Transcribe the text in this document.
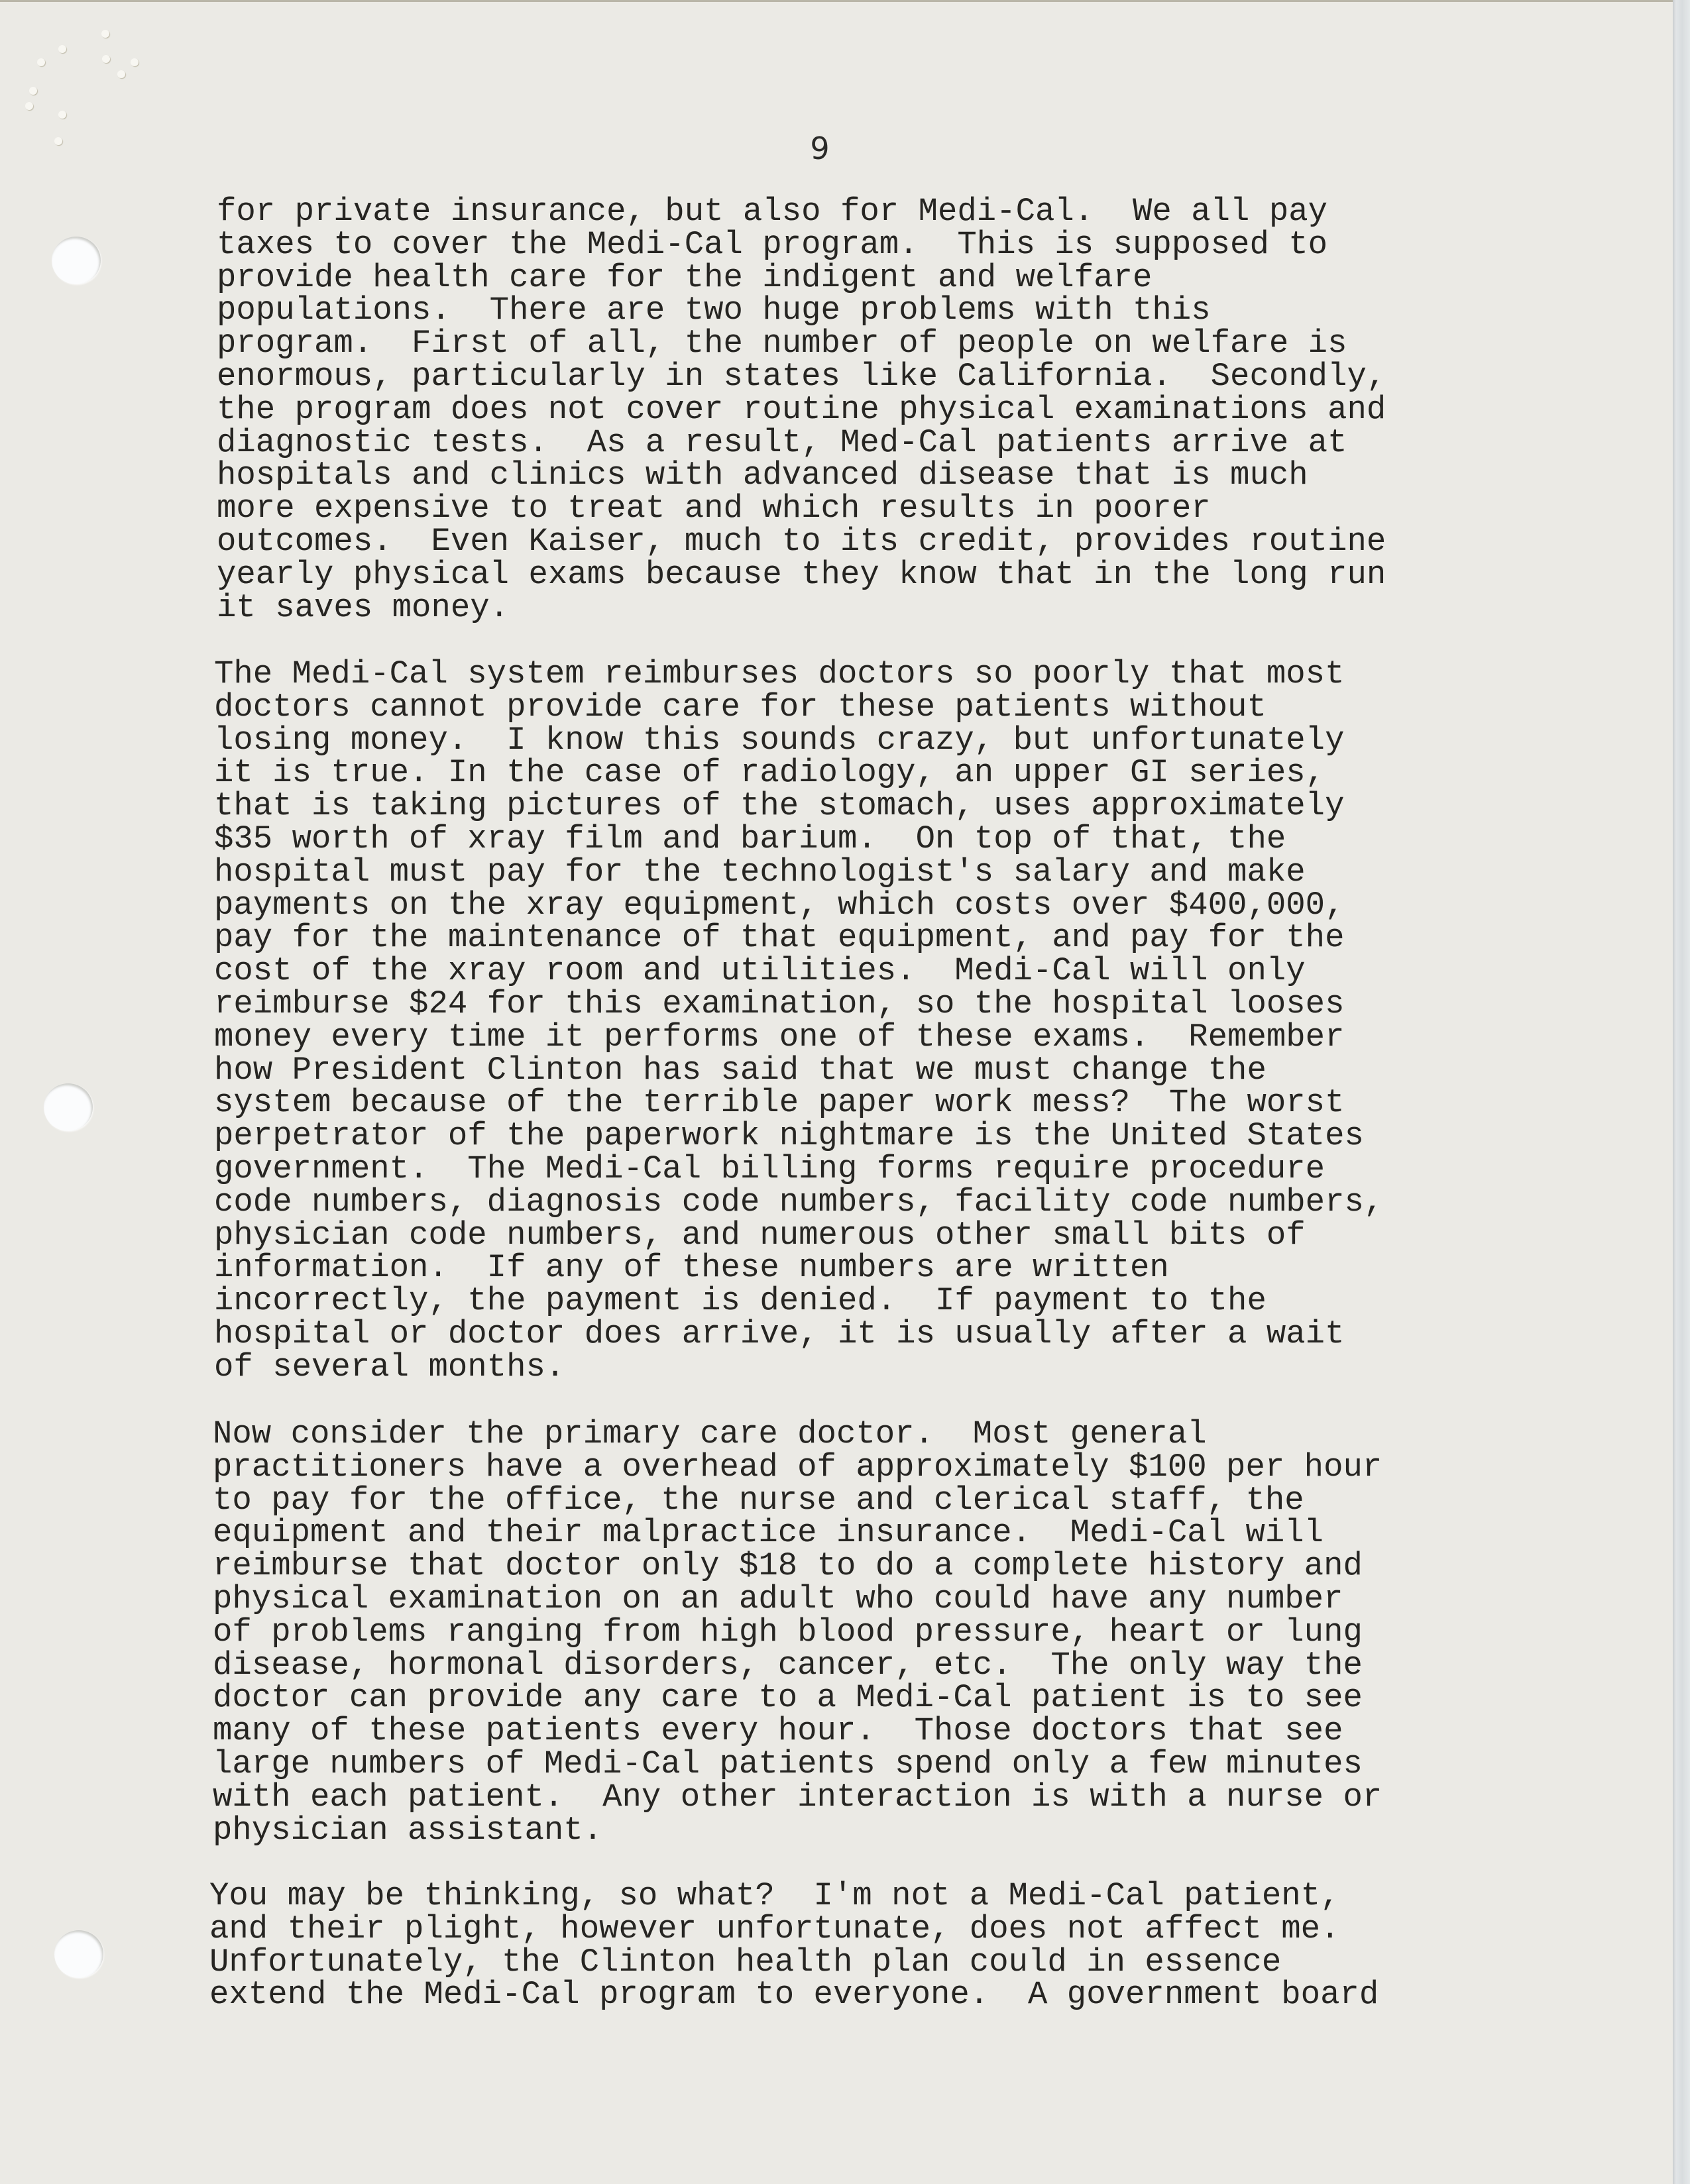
9
for private insurance, but also for Medi-Cal.  We all pay
taxes to cover the Medi-Cal program.  This is supposed to
provide health care for the indigent and welfare
populations.  There are two huge problems with this
program.  First of all, the number of people on welfare is
enormous, particularly in states like California.  Secondly,
the program does not cover routine physical examinations and
diagnostic tests.  As a result, Med-Cal patients arrive at
hospitals and clinics with advanced disease that is much
more expensive to treat and which results in poorer
outcomes.  Even Kaiser, much to its credit, provides routine
yearly physical exams because they know that in the long run
it saves money.
The Medi-Cal system reimburses doctors so poorly that most
doctors cannot provide care for these patients without
losing money.  I know this sounds crazy, but unfortunately
it is true. In the case of radiology, an upper GI series,
that is taking pictures of the stomach, uses approximately
$35 worth of xray film and barium.  On top of that, the
hospital must pay for the technologist's salary and make
payments on the xray equipment, which costs over $400,000,
pay for the maintenance of that equipment, and pay for the
cost of the xray room and utilities.  Medi-Cal will only
reimburse $24 for this examination, so the hospital looses
money every time it performs one of these exams.  Remember
how President Clinton has said that we must change the
system because of the terrible paper work mess?  The worst
perpetrator of the paperwork nightmare is the United States
government.  The Medi-Cal billing forms require procedure
code numbers, diagnosis code numbers, facility code numbers,
physician code numbers, and numerous other small bits of
information.  If any of these numbers are written
incorrectly, the payment is denied.  If payment to the
hospital or doctor does arrive, it is usually after a wait
of several months.
Now consider the primary care doctor.  Most general
practitioners have a overhead of approximately $100 per hour
to pay for the office, the nurse and clerical staff, the
equipment and their malpractice insurance.  Medi-Cal will
reimburse that doctor only $18 to do a complete history and
physical examination on an adult who could have any number
of problems ranging from high blood pressure, heart or lung
disease, hormonal disorders, cancer, etc.  The only way the
doctor can provide any care to a Medi-Cal patient is to see
many of these patients every hour.  Those doctors that see
large numbers of Medi-Cal patients spend only a few minutes
with each patient.  Any other interaction is with a nurse or
physician assistant.
You may be thinking, so what?  I'm not a Medi-Cal patient,
and their plight, however unfortunate, does not affect me.
Unfortunately, the Clinton health plan could in essence
extend the Medi-Cal program to everyone.  A government board
